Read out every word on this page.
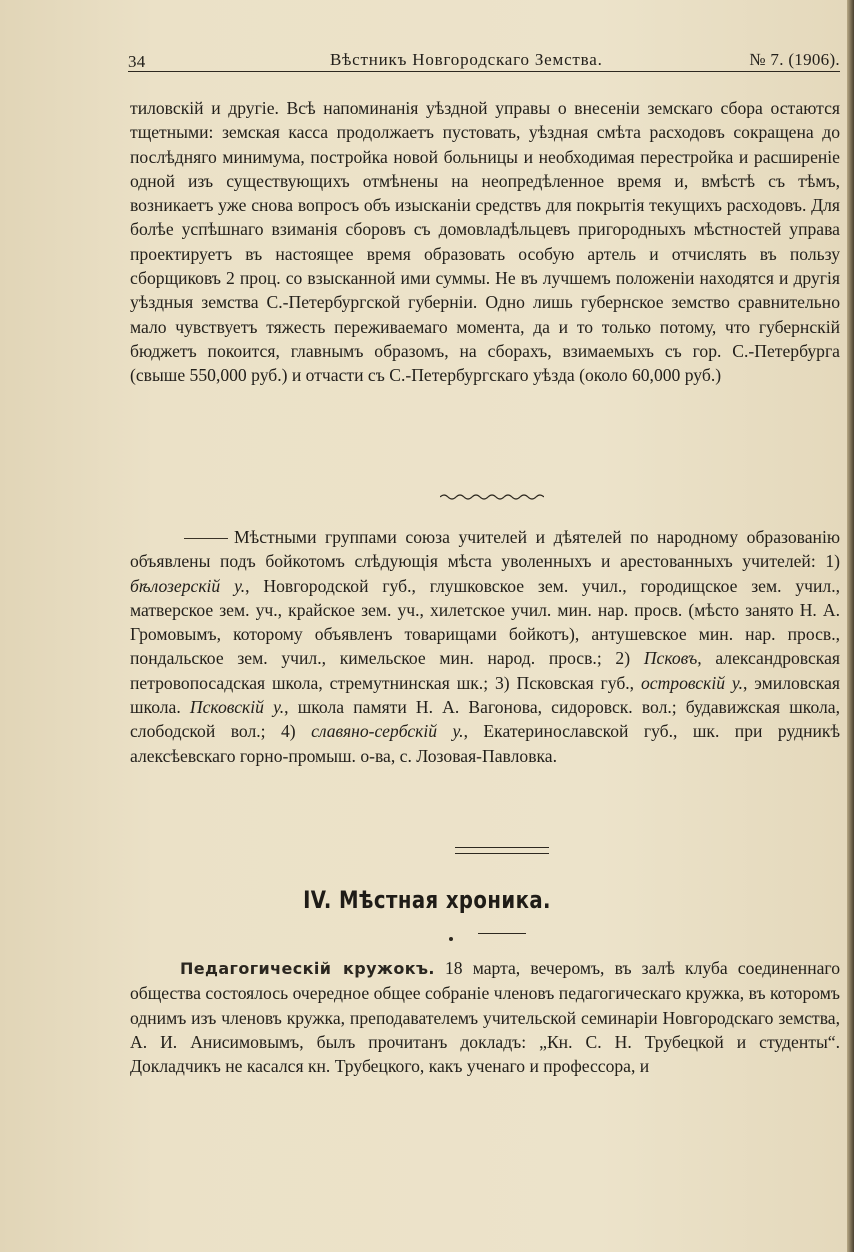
34	Вѣстникъ Новгородскаго Земства.	№ 7. (1906).
тиловскій и другіе. Всѣ напоминанія уѣздной управы о внесеніи земскаго сбора остаются тщетными: земская касса продолжаетъ пустовать, уѣздная смѣта расходовъ сокращена до послѣдняго минимума, постройка новой больницы и необходимая перестройка и расширеніе одной изъ существующихъ отмѣнены на неопредѣленное время и, вмѣстѣ съ тѣмъ, возникаетъ уже снова вопросъ объ изысканіи средствъ для покрытія текущихъ расходовъ. Для болѣе успѣшнаго взиманія сборовъ съ домовладѣльцевъ пригородныхъ мѣстностей управа проектируетъ въ настоящее время образовать особую артель и отчислять въ пользу сборщиковъ 2 проц. со взысканной ими суммы. Не въ лучшемъ положеніи находятся и другія уѣздныя земства С.-Петербургской губерніи. Одно лишь губернское земство сравнительно мало чувствуетъ тяжесть переживаемаго момента, да и то только потому, что губернскій бюджетъ покоится, главнымъ образомъ, на сборахъ, взимаемыхъ съ гор. С.-Петербурга (свыше 550,000 руб.) и отчасти съ С.-Петербургскаго уѣзда (около 60,000 руб.)
Мѣстными группами союза учителей и дѣятелей по народному образованію объявлены подъ бойкотомъ слѣдующія мѣста уволенныхъ и арестованныхъ учителей: 1) бѣлозерскій у., Новгородской губ., глушковское зем. учил., городищское зем. учил., матверское зем. уч., крайское зем. уч., хилетское учил. мин. нар. просв. (мѣсто занято Н. А. Громовымъ, которому объявленъ товарищами бойкотъ), антушевское мин. нар. просв., пондальское зем. учил., кимельское мин. народ. просв.; 2) Псковъ, александровская петровопосадская школа, стремутнинская шк.; 3) Псковская губ., островскій у., эмиловская школа. Псковскій у., школа памяти Н. А. Вагонова, сидоровск. вол.; будавижская школа, слободской вол.; 4) славяно-сербскій у., Екатеринославской губ., шк. при рудникѣ алексѣевскаго горно-промыш. о-ва, с. Лозовая-Павловка.
IV. Мѣстная хроника.
Педагогическій кружокъ. 18 марта, вечеромъ, въ залѣ клуба соединеннаго общества состоялось очередное общее собраніе членовъ педагогическаго кружка, въ которомъ однимъ изъ членовъ кружка, преподавателемъ учительской семинаріи Новгородскаго земства, А. И. Анисимовымъ, былъ прочитанъ докладъ: „Кн. С. Н. Трубецкой и студенты“. Докладчикъ не касался кн. Трубецкого, какъ ученаго и профессора, и
